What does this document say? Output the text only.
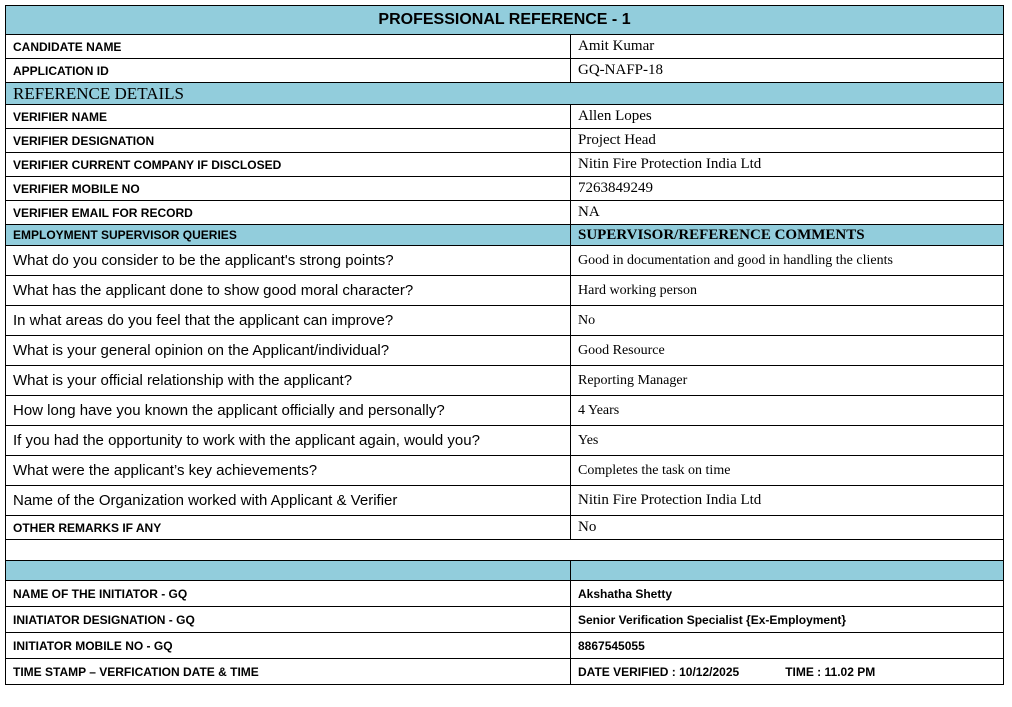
PROFESSIONAL REFERENCE - 1	
CANDIDATE NAME	Amit Kumar
APPLICATION ID	GQ-NAFP-18
REFERENCE DETAILS	
VERIFIER NAME	Allen Lopes
VERIFIER DESIGNATION	Project Head
VERIFIER CURRENT COMPANY IF DISCLOSED	Nitin Fire Protection India Ltd
VERIFIER MOBILE NO	7263849249
VERIFIER EMAIL FOR RECORD	NA
EMPLOYMENT SUPERVISOR QUERIES	SUPERVISOR/REFERENCE COMMENTS
What do you consider to be the applicant's strong points?	Good in documentation and good in handling the clients
What has the applicant done to show good moral character?	Hard working person
In what areas do you feel that the applicant can improve?	No
What is your general opinion on the Applicant/individual?	Good Resource
What is your official relationship with the applicant?	Reporting Manager
How long have you known the applicant officially and personally?	4 Years
If you had the opportunity to work with the applicant again, would you?	Yes
What were the applicant’s key achievements?	Completes the task on time
Name of the Organization worked with Applicant & Verifier	Nitin Fire Protection India Ltd
OTHER REMARKS IF ANY	No

NAME OF THE INITIATOR - GQ	Akshatha Shetty
INIATIATOR DESIGNATION - GQ	Senior Verification Specialist {Ex-Employment}
INITIATOR MOBILE NO - GQ	8867545055
TIME STAMP – VERFICATION DATE & TIME	DATE VERIFIED : 10/12/2025 TIME : 11.02 PM
